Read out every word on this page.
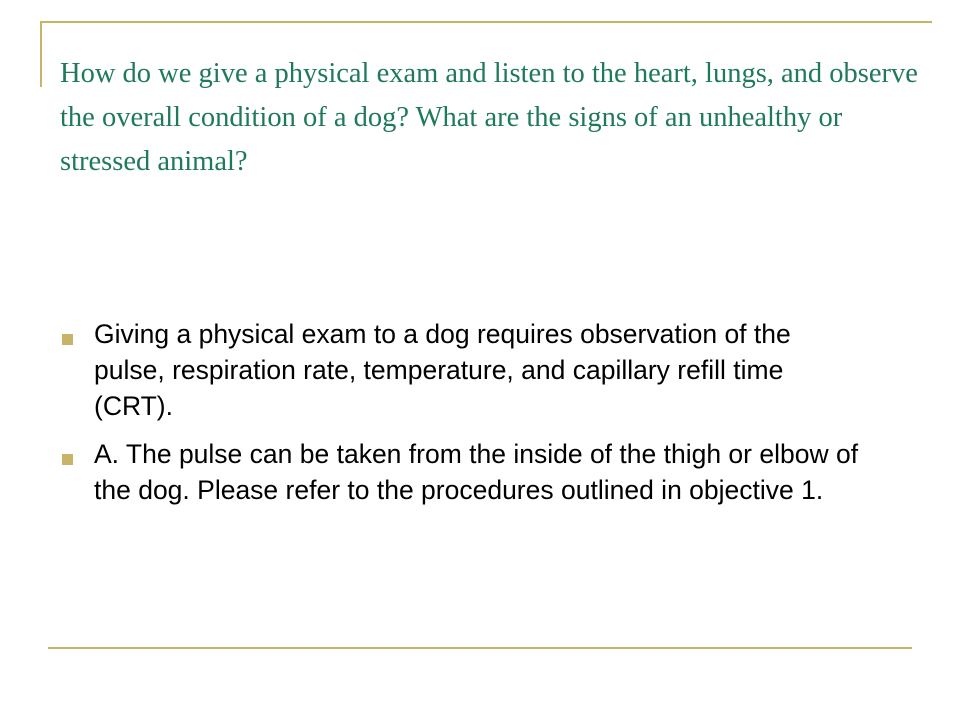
How do we give a physical exam and listen to the heart, lungs, and observe the overall condition of a dog? What are the signs of an unhealthy or stressed animal?
Giving a physical exam to a dog requires observation of the pulse, respiration rate, temperature, and capillary refill time (CRT).
A. The pulse can be taken from the inside of the thigh or elbow of the dog. Please refer to the procedures outlined in objective 1.
